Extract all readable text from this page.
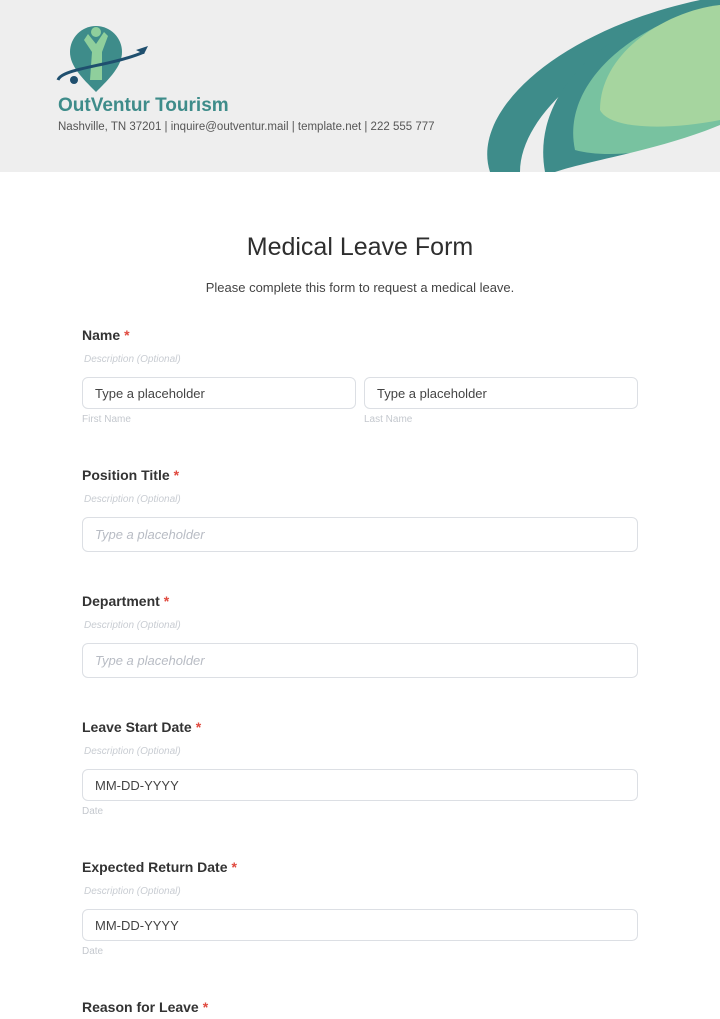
OutVentur Tourism
Nashville, TN 37201 | inquire@outventur.mail | template.net | 222 555 777
Medical Leave Form
Please complete this form to request a medical leave.
Name *
Description (Optional)
Type a placeholder	Type a placeholder
First Name	Last Name
Position Title *
Description (Optional)
Type a placeholder
Department *
Description (Optional)
Type a placeholder
Leave Start Date *
Description (Optional)
MM-DD-YYYY
Date
Expected Return Date *
Description (Optional)
MM-DD-YYYY
Date
Reason for Leave *
